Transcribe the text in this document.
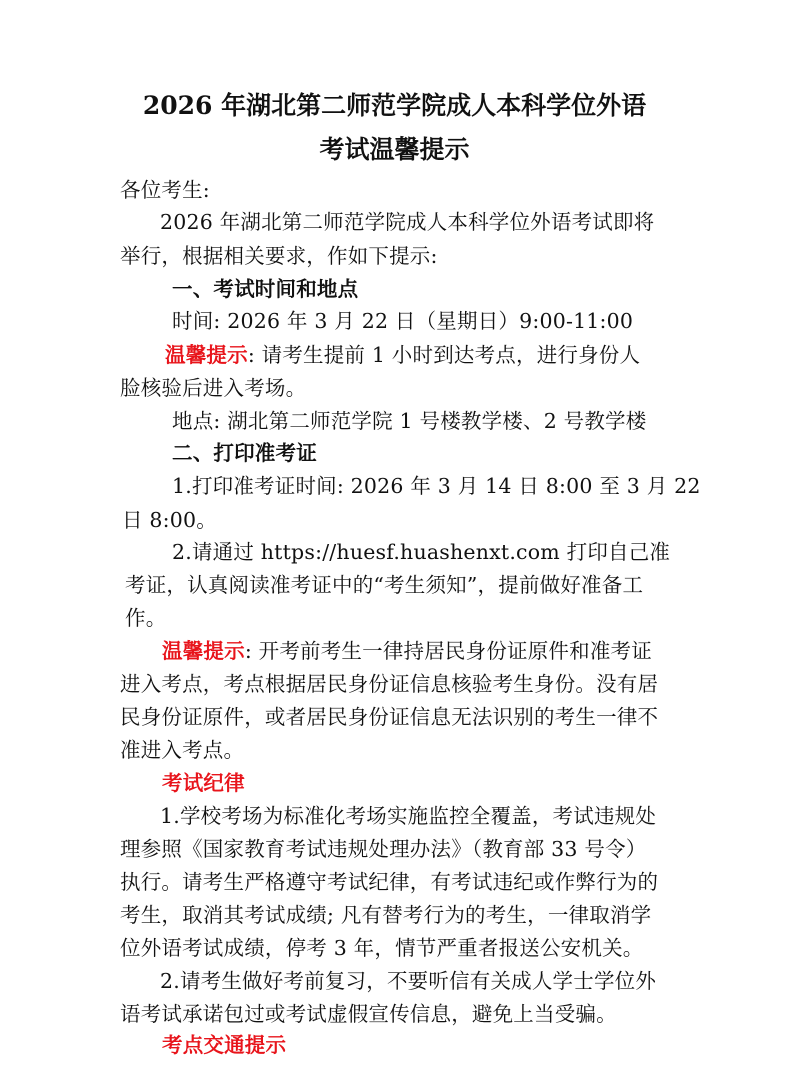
2026 年湖北第二师范学院成人本科学位外语
考试温馨提示
各位考生:
2026 年湖北第二师范学院成人本科学位外语考试即将
举行，根据相关要求，作如下提示:
一、考试时间和地点
时间: 2026 年 3 月 22 日（星期日）9:00-11:00
温馨提示: 请考生提前 1 小时到达考点，进行身份人
脸核验后进入考场。
地点: 湖北第二师范学院 1 号楼教学楼、2 号教学楼
二、打印准考证
1.打印准考证时间: 2026 年 3 月 14 日 8:00 至 3 月 22
日 8:00。
2.请通过 https://huesf.huashenxt.com 打印自己准
考证，认真阅读准考证中的“考生须知”，提前做好准备工
作。
温馨提示: 开考前考生一律持居民身份证原件和准考证
进入考点，考点根据居民身份证信息核验考生身份。没有居
民身份证原件，或者居民身份证信息无法识别的考生一律不
准进入考点。
考试纪律
1.学校考场为标准化考场实施监控全覆盖，考试违规处
理参照《国家教育考试违规处理办法》（教育部 33 号令）
执行。请考生严格遵守考试纪律，有考试违纪或作弊行为的
考生，取消其考试成绩; 凡有替考行为的考生，一律取消学
位外语考试成绩，停考 3 年，情节严重者报送公安机关。
2.请考生做好考前复习，不要听信有关成人学士学位外
语考试承诺包过或考试虚假宣传信息，避免上当受骗。
考点交通提示
